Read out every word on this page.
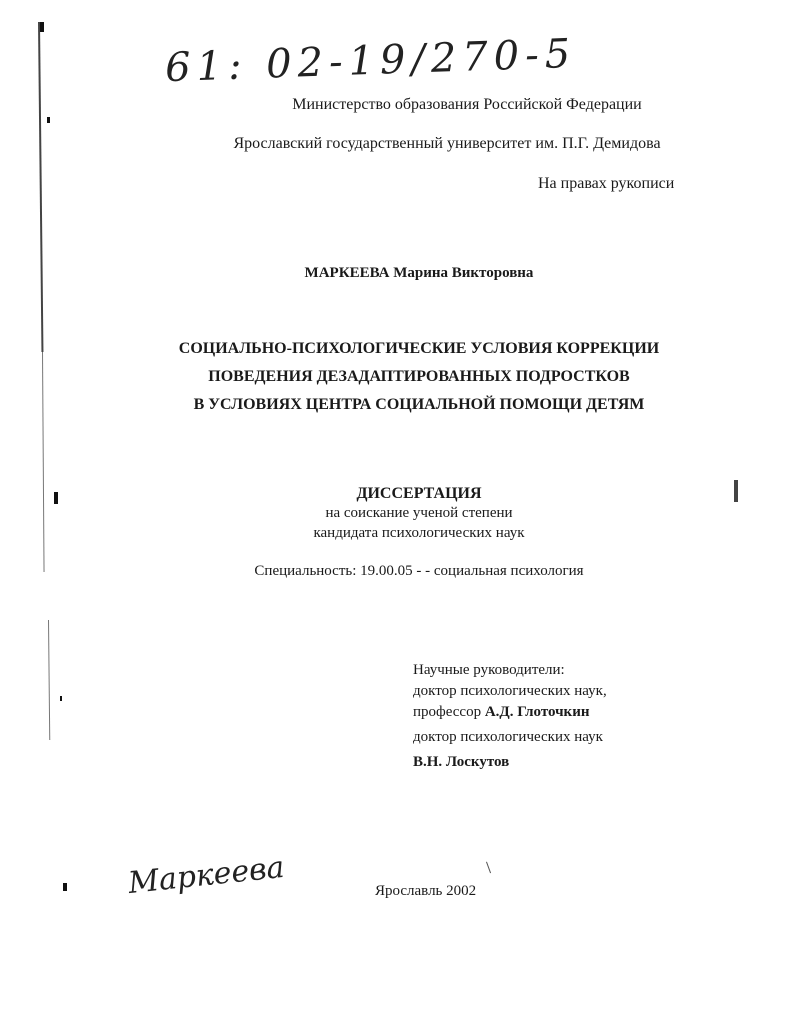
61: 02-19/270-5
Министерство образования Российской Федерации
Ярославский государственный университет им. П.Г. Демидова
На правах рукописи
МАРКЕЕВА Марина Викторовна
СОЦИАЛЬНО-ПСИХОЛОГИЧЕСКИЕ УСЛОВИЯ КОРРЕКЦИИ
ПОВЕДЕНИЯ ДЕЗАДАПТИРОВАННЫХ ПОДРОСТКОВ
В УСЛОВИЯХ ЦЕНТРА СОЦИАЛЬНОЙ ПОМОЩИ ДЕТЯМ
ДИССЕРТАЦИЯ
на соискание ученой степени
кандидата психологических наук
Специальность: 19.00.05 - - социальная психология
Научные руководители:
доктор психологических наук,
профессор А.Д. Глоточкин
доктор психологических наук
В.Н. Лоскутов
Маркеева	Ярославль 2002
